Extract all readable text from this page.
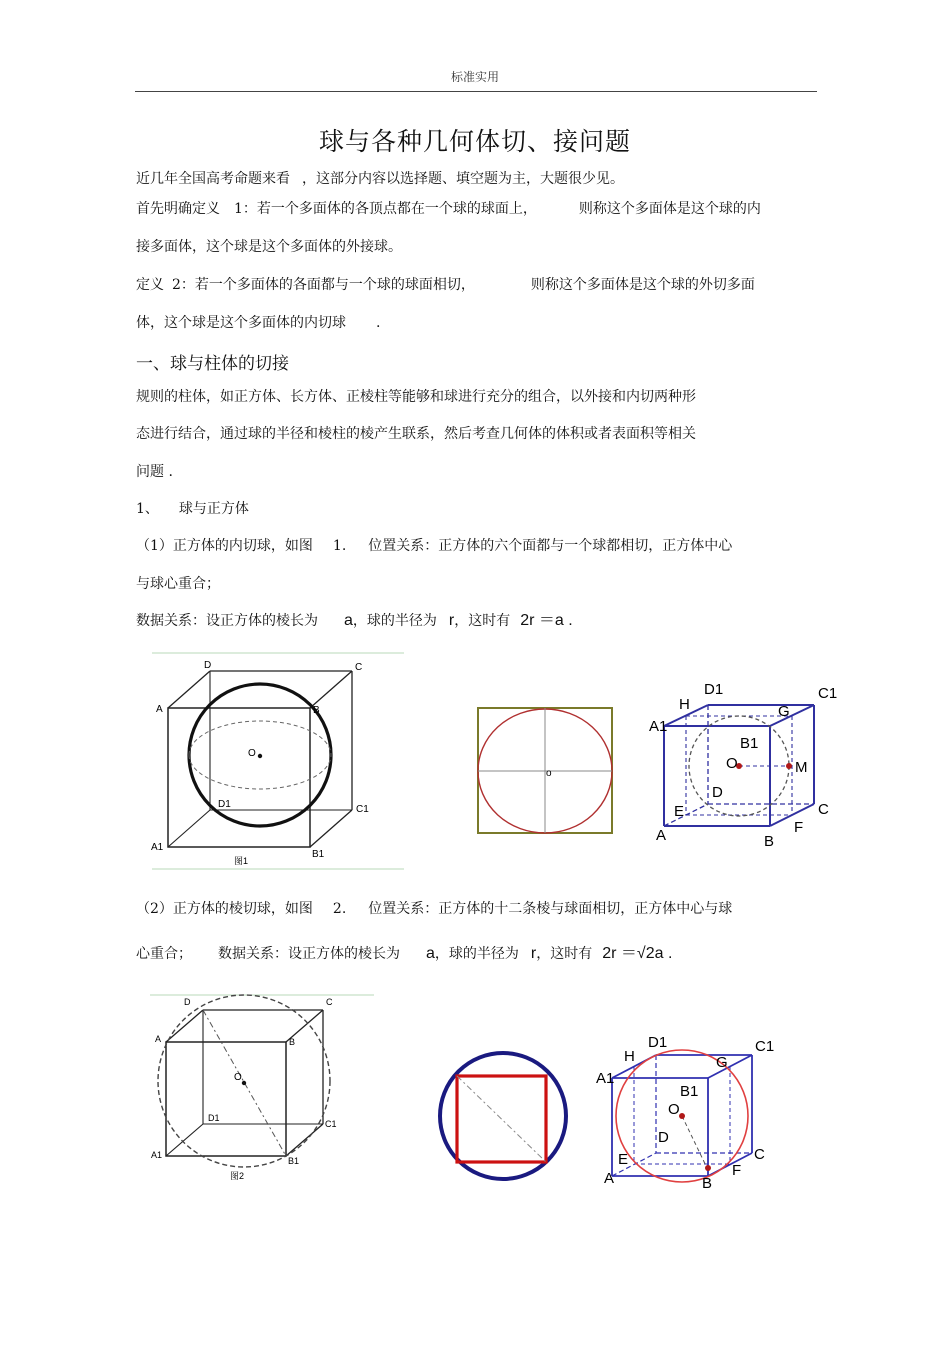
标准实用
球与各种几何体切、接问题
近几年全国高考命题来看 ，这部分内容以选择题、填空题为主，大题很少见。
首先明确定义 1：若一个多面体的各顶点都在一个球的球面上，	则称这个多面体是这个球的内
接多面体，这个球是这个多面体的外接球。
定义 2：若一个多面体的各面都与一个球的球面相切，	则称这个多面体是这个球的外切多面
体，这个球是这个多面体的内切球 .
一、球与柱体的切接
规则的柱体，如正方体、长方体、正棱柱等能够和球进行充分的组合，以外接和内切两种形
态进行结合，通过球的半径和棱柱的棱产生联系，然后考查几何体的体积或者表面积等相关
问题 .
1、 球与正方体
（1）正方体的内切球，如图 1. 位置关系：正方体的六个面都与一个球都相切，正方体中心
与球心重合；
数据关系：设正方体的棱长为 a，球的半径为 r，这时有 2r ＝a .
D	C
A	B
O
D1	C1
A1
B1
图1
o
D1	C1
H	G
A1
B1
O	M
D
E	C
F
A	B
（2）正方体的棱切球，如图 2. 位置关系：正方体的十二条棱与球面相切，正方体中心与球
心重合； 数据关系：设正方体的棱长为 a，球的半径为 r，这时有 2r ＝√2a .
D	C
A	B
O
D1
C1
A1
B1
图2
D1	C1
H	G
A1
B1
O
D
E	C
F
A	B
